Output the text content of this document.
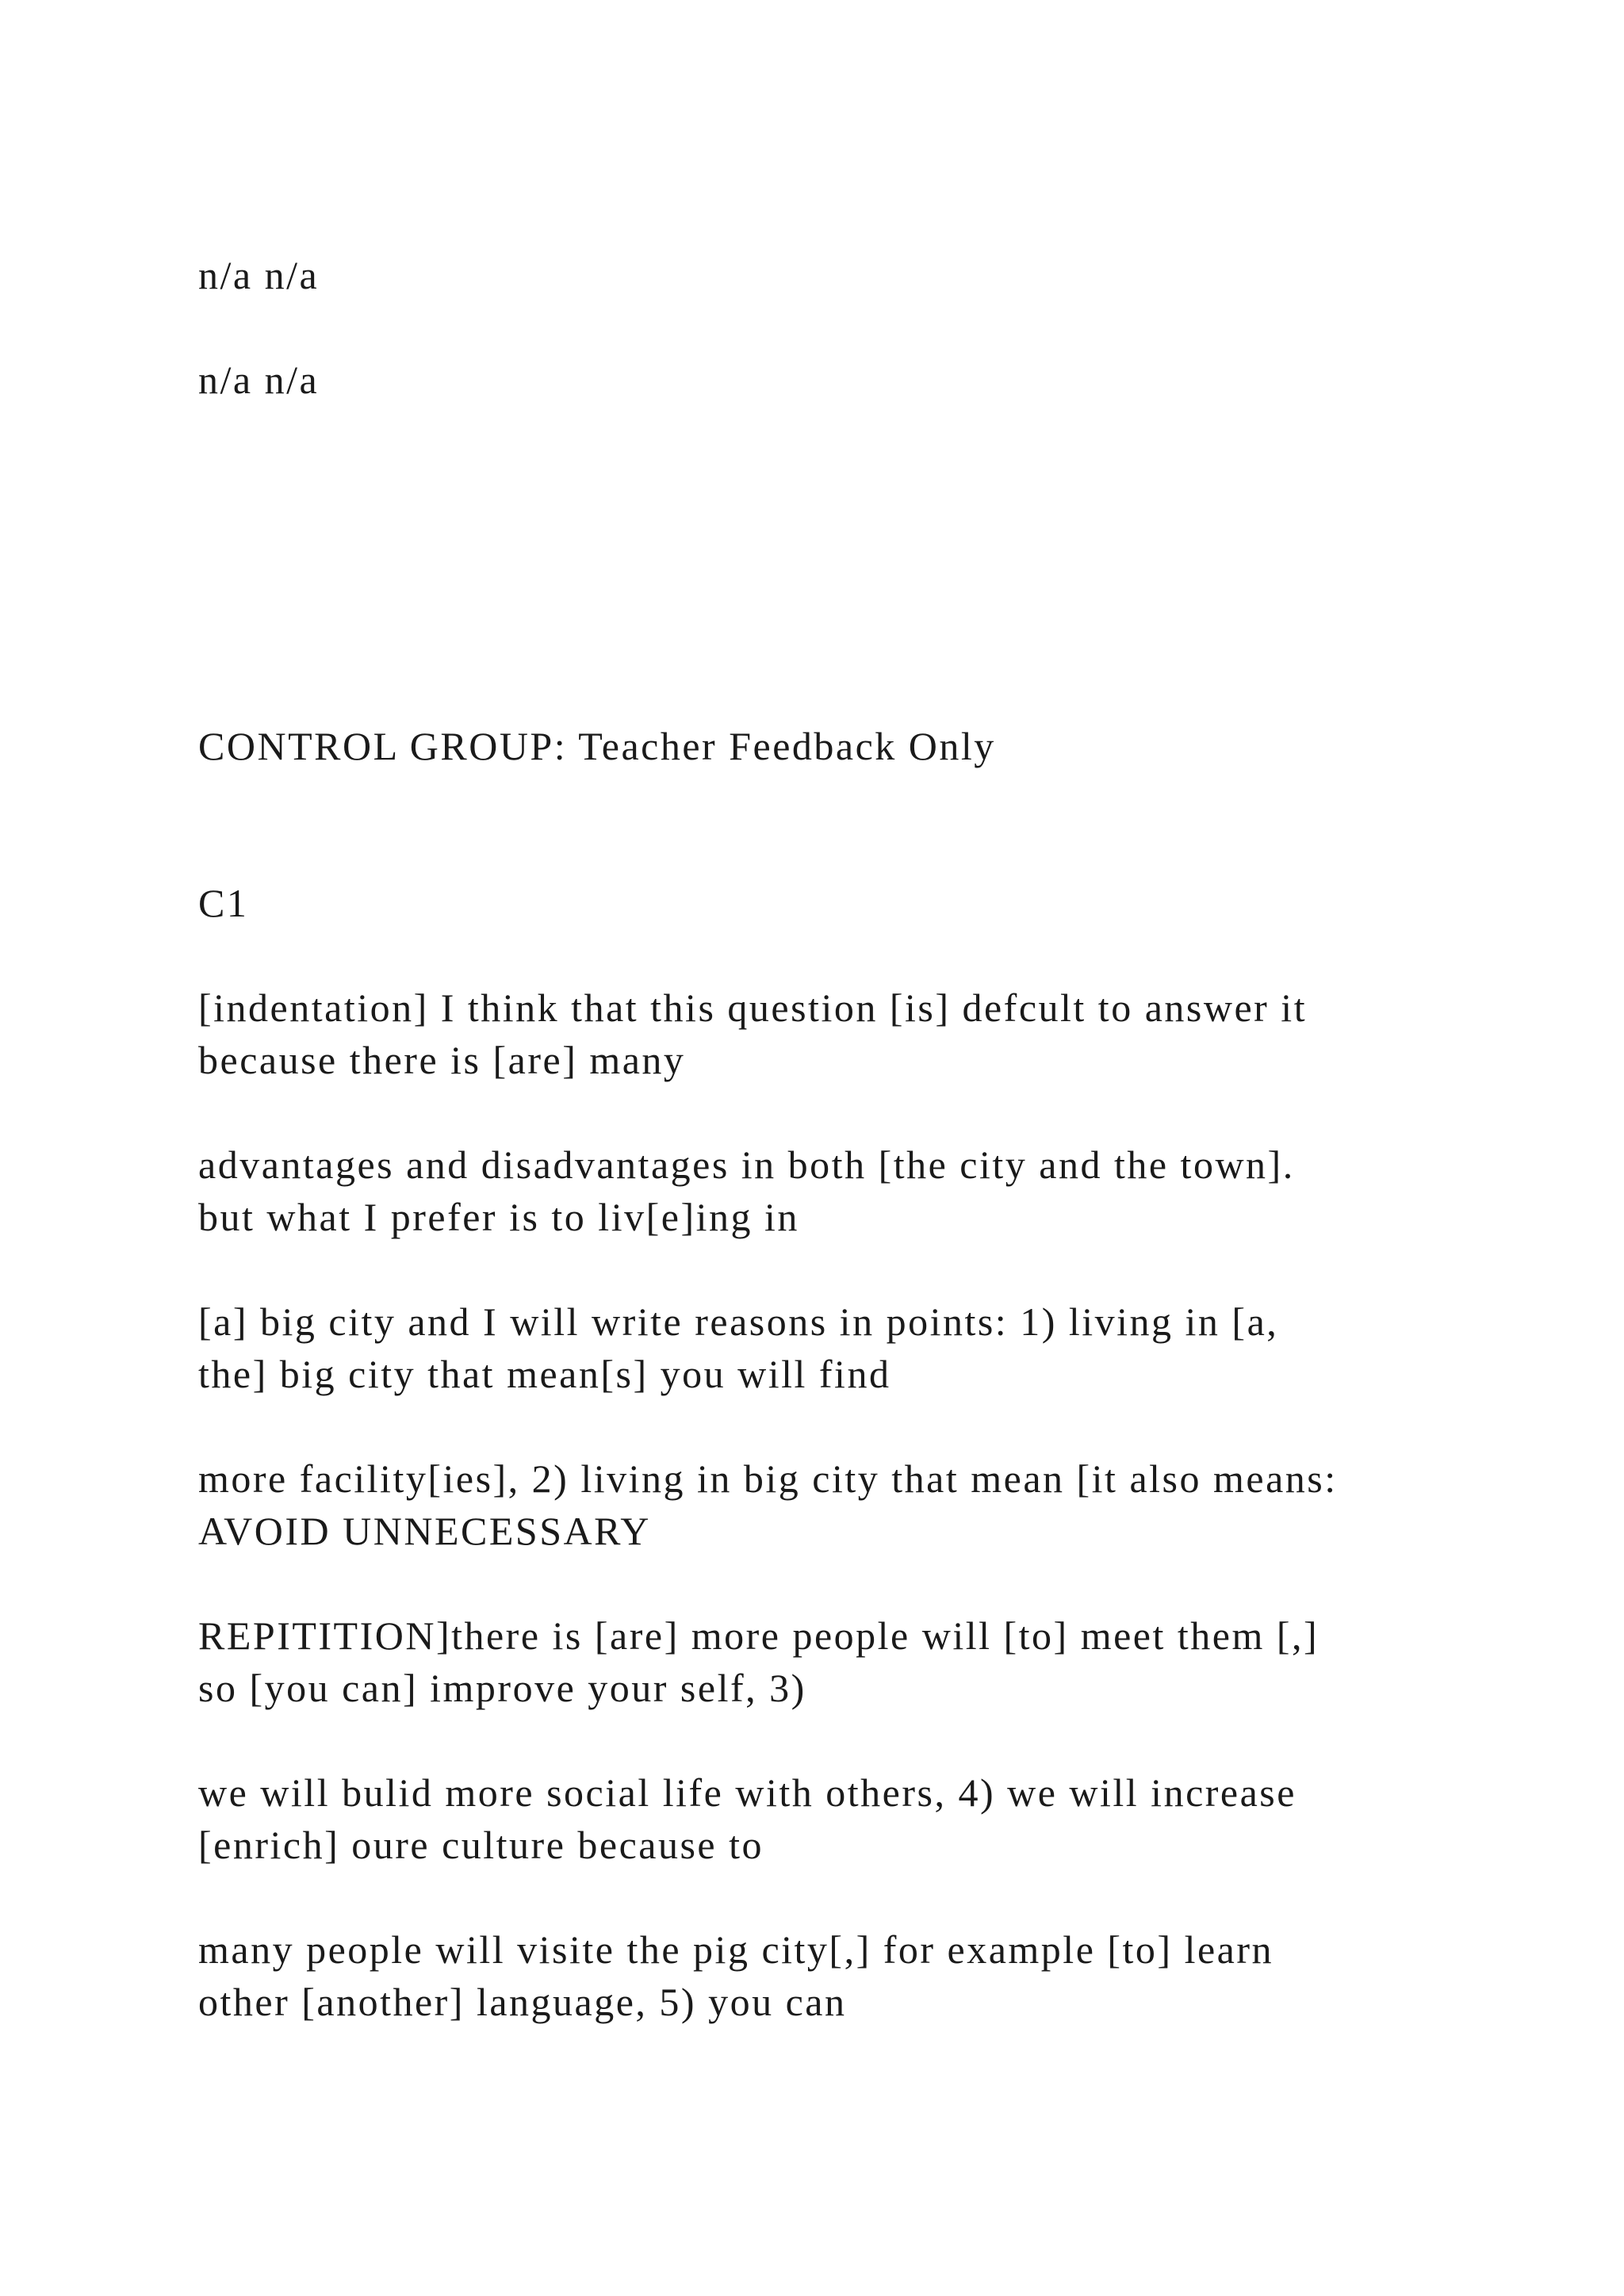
n/a n/a
n/a n/a
CONTROL GROUP: Teacher Feedback Only
C1
[indentation] I think that this question [is] defcult to answer it
because there is [are] many
advantages and disadvantages in both [the city and the town].
but what I prefer is to liv[e]ing in
[a] big city and I will write reasons in points: 1) living in [a,
the] big city that mean[s] you will find
more facility[ies], 2) living in big city that mean [it also means:
AVOID UNNECESSARY
REPITITION]there is [are] more people will [to] meet them [,]
so [you can] improve your self, 3)
we will bulid more social life with others, 4) we will increase
[enrich] oure culture because to
many people will visite the pig city[,] for example [to] learn
other [another] language, 5) you can
